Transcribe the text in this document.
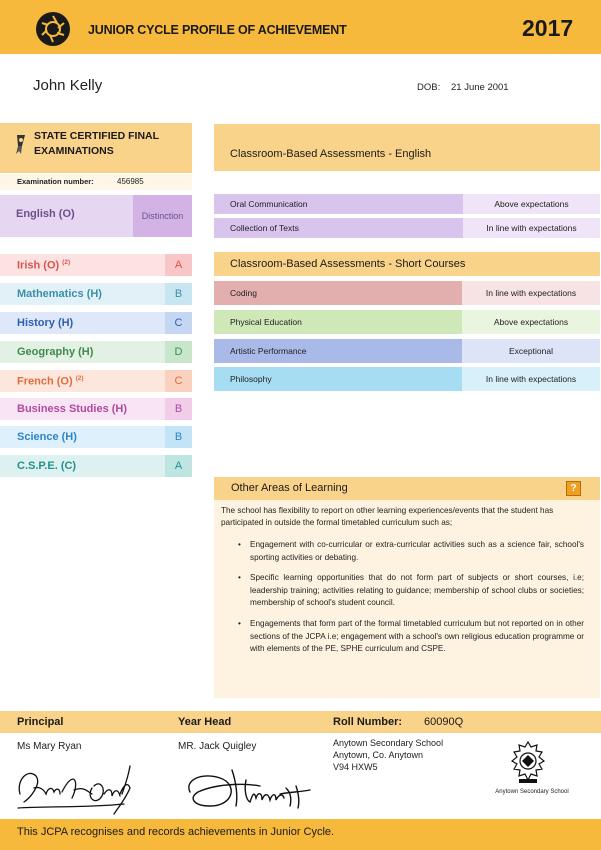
JUNIOR CYCLE PROFILE OF ACHIEVEMENT	2017
John Kelly	DOB: 21 June 2001
STATE CERTIFIED FINAL EXAMINATIONS
Examination number:	456985
English (O)	Distinction
Irish (O) $^{(2)}$	A
Mathematics (H)	B
History (H)	C
Geography (H)	D
French (O) $^{(2)}$	C
Business Studies (H)	B
Science (H)	B
C.S.P.E. (C)	A
Classroom-Based Assessments - English
Oral Communication	Above expectations
Collection of Texts	In line with expectations
Classroom-Based Assessments - Short Courses
Coding	In line with expectations
Physical Education	Above expectations
Artistic Performance	Exceptional
Philosophy	In line with expectations
Other Areas of Learning	?
The school has flexibility to report on other learning experiences/events that the student has participated in outside the formal timetabled curriculum such as;
• Engagement with co-curricular or extra-curricular activities such as a science fair, school's sporting activities or debating.
• Specific learning opportunities that do not form part of subjects or short courses, i.e; leadership training; activities relating to guidance; membership of school clubs or societies; membership of school's student council.
• Engagements that form part of the formal timetabled curriculum but not reported on in other sections of the JCPA i.e; engagement with a school's own religious education programme or with elements of the PE, SPHE curriculum and CSPE.
Principal	Year Head	Roll Number: 60090Q
Ms Mary Ryan	MR. Jack Quigley	Anytown Secondary School
Anytown, Co. Anytown
V94 HXW5
Anytown Secondary School
This JCPA recognises and records achievements in Junior Cycle.
